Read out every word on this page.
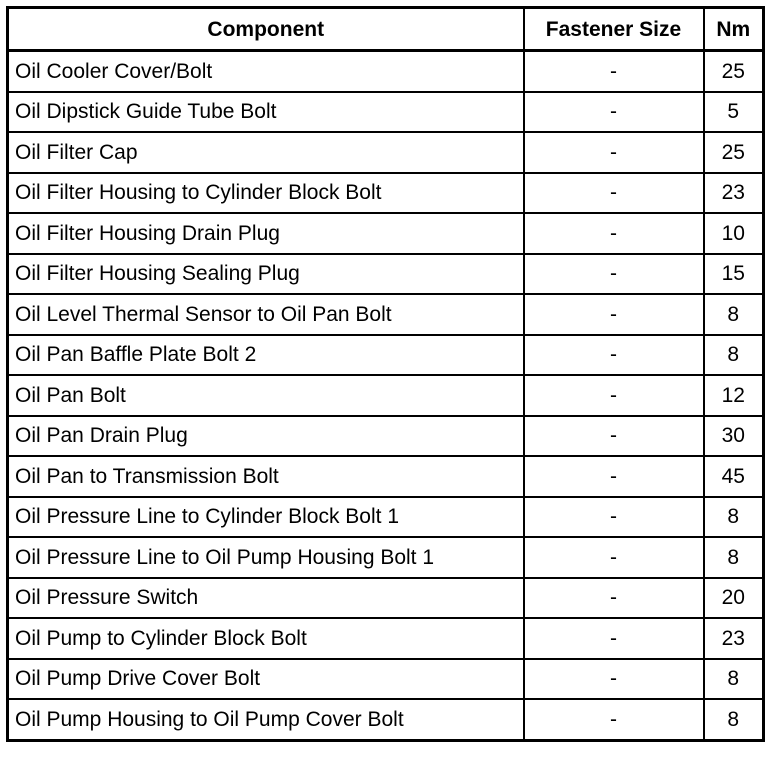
Component	Fastener Size	Nm
Oil Cooler Cover/Bolt	-	25
Oil Dipstick Guide Tube Bolt	-	5
Oil Filter Cap	-	25
Oil Filter Housing to Cylinder Block Bolt	-	23
Oil Filter Housing Drain Plug	-	10
Oil Filter Housing Sealing Plug	-	15
Oil Level Thermal Sensor to Oil Pan Bolt	-	8
Oil Pan Baffle Plate Bolt 2	-	8
Oil Pan Bolt	-	12
Oil Pan Drain Plug	-	30
Oil Pan to Transmission Bolt	-	45
Oil Pressure Line to Cylinder Block Bolt 1	-	8
Oil Pressure Line to Oil Pump Housing Bolt 1	-	8
Oil Pressure Switch	-	20
Oil Pump to Cylinder Block Bolt	-	23
Oil Pump Drive Cover Bolt	-	8
Oil Pump Housing to Oil Pump Cover Bolt	-	8
